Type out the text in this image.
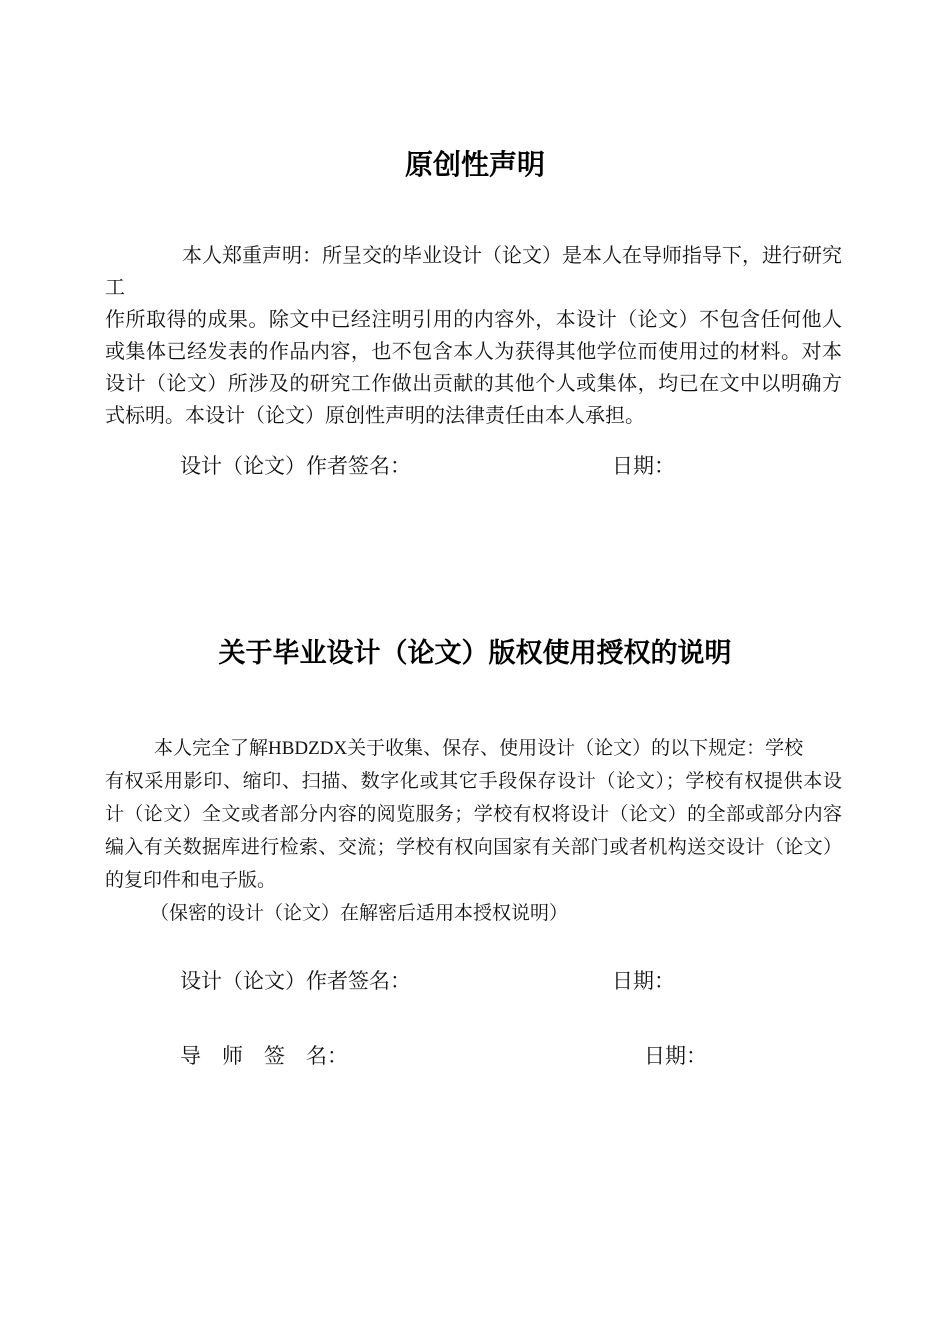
原创性声明
本人郑重声明：所呈交的毕业设计（论文）是本人在导师指导下，进行研究工
作所取得的成果。除文中已经注明引用的内容外，本设计（论文）不包含任何他人
或集体已经发表的作品内容，也不包含本人为获得其他学位而使用过的材料。对本
设计（论文）所涉及的研究工作做出贡献的其他个人或集体，均已在文中以明确方
式标明。本设计（论文）原创性声明的法律责任由本人承担。
设计（论文）作者签名：	日期：
关于毕业设计（论文）版权使用授权的说明
本人完全了解HBDZDX关于收集、保存、使用设计（论文）的以下规定：学校
有权采用影印、缩印、扫描、数字化或其它手段保存设计（论文）；学校有权提供本设
计（论文）全文或者部分内容的阅览服务；学校有权将设计（论文）的全部或部分内容
编入有关数据库进行检索、交流；学校有权向国家有关部门或者机构送交设计（论文）
的复印件和电子版。
（保密的设计（论文）在解密后适用本授权说明）
设计（论文）作者签名：	日期：
导　师　签　名：	日期：
